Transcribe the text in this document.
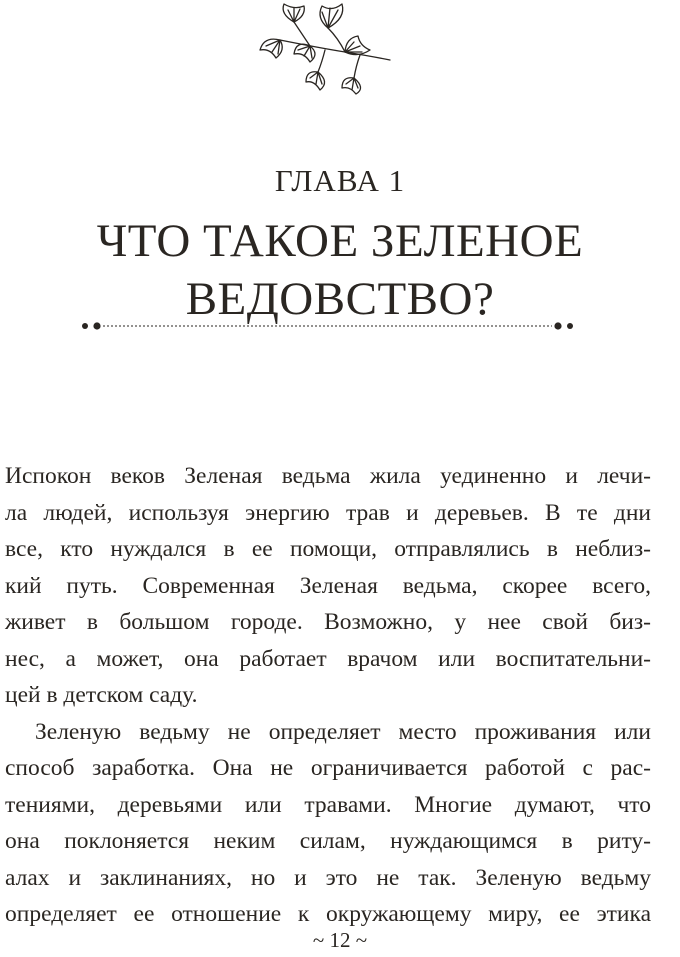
ГЛАВА 1
ЧТО ТАКОЕ ЗЕЛЕНОЕ
ВЕДОВСТВО?
Испокон веков Зеленая ведьма жила уединенно и лечи-
ла людей, используя энергию трав и деревьев. В те дни
все, кто нуждался в ее помощи, отправлялись в неблиз-
кий путь. Современная Зеленая ведьма, скорее всего,
живет в большом городе. Возможно, у нее свой биз-
нес, а может, она работает врачом или воспитательни-
цей в детском саду.
Зеленую ведьму не определяет место проживания или
способ заработка. Она не ограничивается работой с рас-
тениями, деревьями или травами. Многие думают, что
она поклоняется неким силам, нуждающимся в риту-
алах и заклинаниях, но и это не так. Зеленую ведьму
определяет ее отношение к окружающему миру, ее этика
~ 12 ~
